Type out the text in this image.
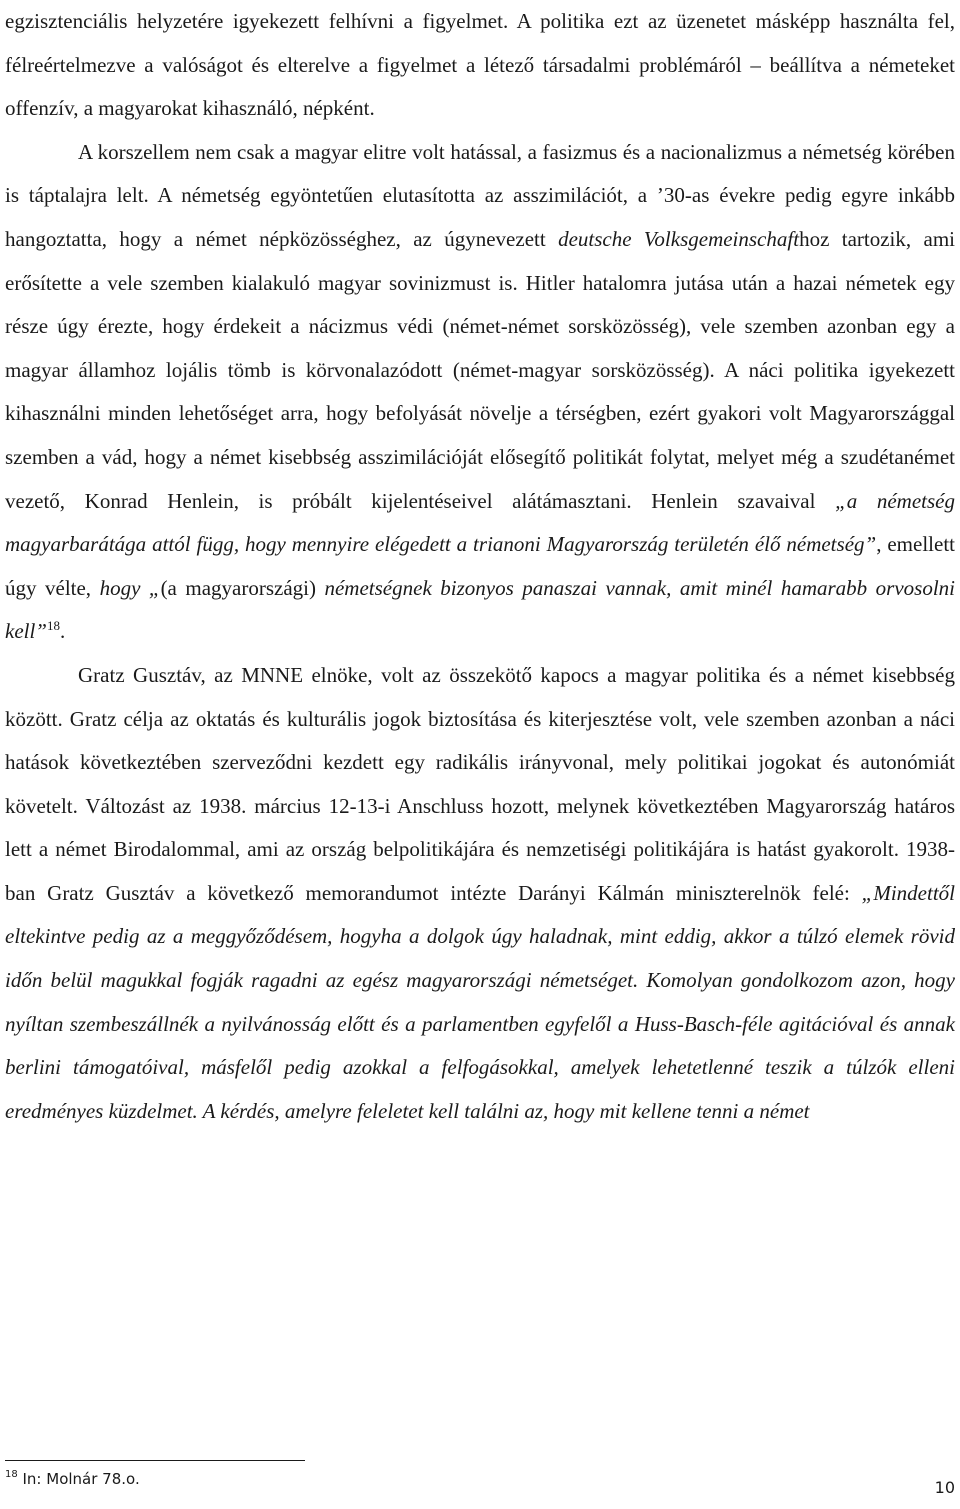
egzisztenciális helyzetére igyekezett felhívni a figyelmet. A politika ezt az üzenetet másképp használta fel, félreértelmezve a valóságot és elterelve a figyelmet a létező társadalmi problémáról – beállítva a németeket offenzív, a magyarokat kihasználó, népként.

A korszellem nem csak a magyar elitre volt hatással, a fasizmus és a nacionalizmus a németség körében is táptalajra lelt. A németség egyöntetűen elutasította az asszimilációt, a ’30-as évekre pedig egyre inkább hangoztatta, hogy a német népközösséghez, az úgynevezett deutsche Volksgemeinschafthoz tartozik, ami erősítette a vele szemben kialakuló magyar sovinizmust is. Hitler hatalomra jutása után a hazai németek egy része úgy érezte, hogy érdekeit a nácizmus védi (német-német sorsközösség), vele szemben azonban egy a magyar államhoz lojális tömb is körvonalazódott (német-magyar sorsközösség). A náci politika igyekezett kihasználni minden lehetőséget arra, hogy befolyását növelje a térségben, ezért gyakori volt Magyarországgal szemben a vád, hogy a német kisebbség asszimilációját elősegítő politikát folytat, melyet még a szudétanémet vezető, Konrad Henlein, is próbált kijelentéseivel alátámasztani. Henlein szavaival „a németség magyarbarátága attól függ, hogy mennyire elégedett a trianoni Magyarország területén élő németség”, emellett úgy vélte, hogy „(a magyarországi) németségnek bizonyos panaszai vannak, amit minél hamarabb orvosolni kell”$^{18}$.

Gratz Gusztáv, az MNNE elnöke, volt az összekötő kapocs a magyar politika és a német kisebbség között. Gratz célja az oktatás és kulturális jogok biztosítása és kiterjesztése volt, vele szemben azonban a náci hatások következtében szerveződni kezdett egy radikális irányvonal, mely politikai jogokat és autonómiát követelt. Változást az 1938. március 12-13-i Anschluss hozott, melynek következtében Magyarország határos lett a német Birodalommal, ami az ország belpolitikájára és nemzetiségi politikájára is hatást gyakorolt. 1938-ban Gratz Gusztáv a következő memorandumot intézte Darányi Kálmán miniszterelnök felé: „Mindettől eltekintve pedig az a meggyőződésem, hogyha a dolgok úgy haladnak, mint eddig, akkor a túlzó elemek rövid időn belül magukkal fogják ragadni az egész magyarországi németséget. Komolyan gondolkozom azon, hogy nyíltan szembeszállnék a nyilvánosság előtt és a parlamentben egyfelől a Huss-Basch-féle agitációval és annak berlini támogatóival, másfelől pedig azokkal a felfogásokkal, amelyek lehetetlenné teszik a túlzók elleni eredményes küzdelmet. A kérdés, amelyre feleletet kell találni az, hogy mit kellene tenni a német

$^{18}$ In: Molnár 78.o.	10
